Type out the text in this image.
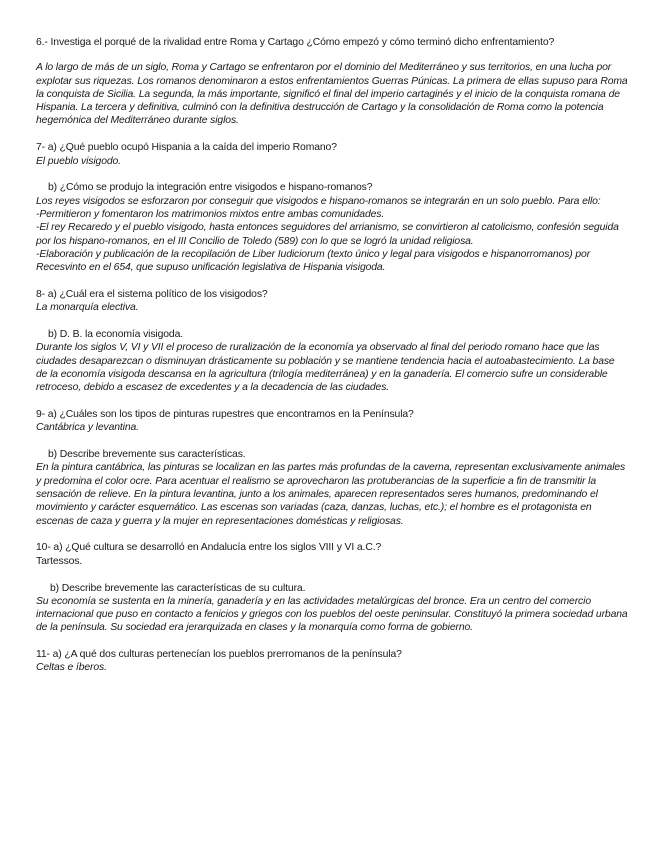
6.- Investiga el porqué de la rivalidad entre Roma y Cartago ¿Cómo empezó y cómo terminó dicho enfrentamiento?

A lo largo de más de un siglo, Roma y Cartago se enfrentaron por el dominio del Mediterráneo y sus territorios, en una lucha por explotar sus riquezas. Los romanos denominaron a estos enfrentamientos Guerras Púnicas. La primera de ellas supuso para Roma la conquista de Sicilia. La segunda, la más importante, significó el final del imperio cartaginés y el inicio de la conquista romana de Hispania. La tercera y definitiva, culminó con la definitiva destrucción de Cartago y la consolidación de Roma como la potencia hegemónica del Mediterráneo durante siglos.

7- a) ¿Qué pueblo ocupó Hispania a la caída del imperio Romano?

El pueblo visigodo.

b) ¿Cómo se produjo la integración entre visigodos e hispano-romanos?

Los reyes visigodos se esforzaron por conseguir que visigodos e hispano-romanos se integrarán en un solo pueblo. Para ello:

-Permitieron y fomentaron los matrimonios mixtos entre ambas comunidades.

-El rey Recaredo y el pueblo visigodo, hasta entonces seguidores del arrianismo, se convirtieron al catolicismo, confesión seguida por los hispano-romanos, en el III Concilio de Toledo (589) con lo que se logró la unidad religiosa.

-Elaboración y publicación de la recopilación de Liber Iudiciorum (texto único y legal para visigodos e hispanorromanos) por Recesvinto en el 654, que supuso unificación legislativa de Hispania visigoda.

8- a) ¿Cuál era el sistema político de los visigodos?

La monarquía electiva.

b) D. B. la economía visigoda.

Durante los siglos V, VI y VII el proceso de ruralización de la economía ya observado al final del periodo romano hace que las ciudades desaparezcan o disminuyan drásticamente su población y se mantiene tendencia hacia el autoabastecimiento. La base de la economía visigoda descansa en la agricultura (trilogía mediterránea) y en la ganadería. El comercio sufre un considerable retroceso, debido a escasez de excedentes y a la decadencia de las ciudades.

9- a) ¿Cuáles son los tipos de pinturas rupestres que encontramos en la Península?

Cantábrica y levantina.

b) Describe brevemente sus características.

En la pintura cantábrica, las pinturas se localizan en las partes más profundas de la caverna, representan exclusivamente animales y predomina el color ocre. Para acentuar el realismo se aprovecharon las protuberancias de la superficie a fin de transmitir la sensación de relieve. En la pintura levantina, junto a los animales, aparecen representados seres humanos, predominando el movimiento y carácter esquemático. Las escenas son variadas (caza, danzas, luchas, etc.); el hombre es el protagonista en escenas de caza y guerra y la mujer en representaciones domésticas y religiosas.

10- a) ¿Qué cultura se desarrolló en Andalucía entre los siglos VIII y VI a.C.?

Tartessos.

b) Describe brevemente las características de su cultura.

Su economía se sustenta en la minería, ganadería y en las actividades metalúrgicas del bronce. Era un centro del comercio internacional que puso en contacto a fenicios y griegos con los pueblos del oeste peninsular. Constituyó la primera sociedad urbana de la península. Su sociedad era jerarquizada en clases y la monarquía como forma de gobierno.

11- a) ¿A qué dos culturas pertenecían los pueblos prerromanos de la península?

Celtas e íberos.
